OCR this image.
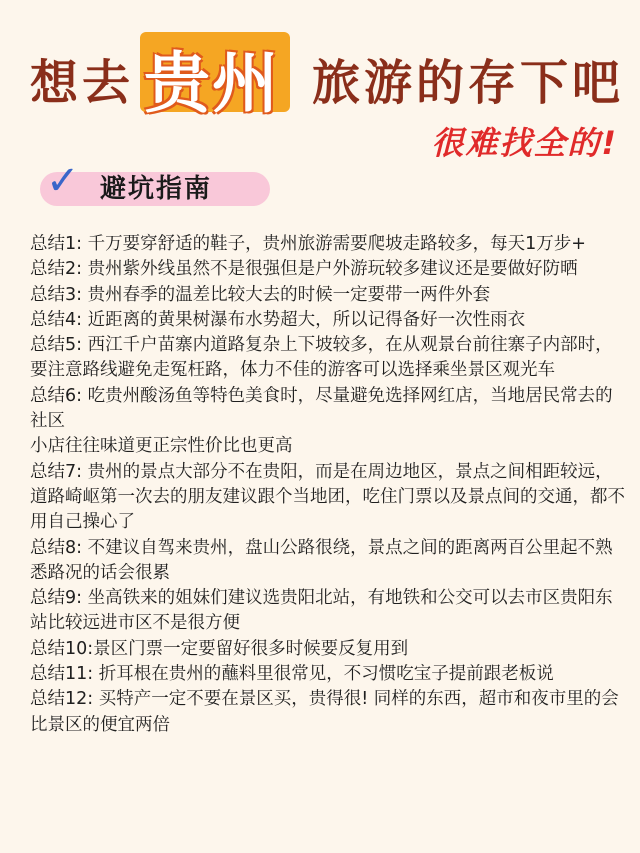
想去 贵州 旅游的存下吧
很难找全的!
✓ 避坑指南

总结1: 千万要穿舒适的鞋子，贵州旅游需要爬坡走路较多，每天1万步+

总结2: 贵州紫外线虽然不是很强但是户外游玩较多建议还是要做好防晒

总结3: 贵州春季的温差比较大去的时候一定要带一两件外套

总结4: 近距离的黄果树瀑布水势超大，所以记得备好一次性雨衣

总结5: 西江千户苗寨内道路复杂上下坡较多，在从观景台前往寨子内部时，要注意路线避免走冤枉路，体力不佳的游客可以选择乘坐景区观光车

总结6: 吃贵州酸汤鱼等特色美食时，尽量避免选择网红店，当地居民常去的社区

小店往往味道更正宗性价比也更高

总结7: 贵州的景点大部分不在贵阳，而是在周边地区，景点之间相距较远，道路崎岖第一次去的朋友建议跟个当地团，吃住门票以及景点间的交通，都不用自己操心了

总结8: 不建议自驾来贵州，盘山公路很绕，景点之间的距离两百公里起不熟悉路况的话会很累

总结9: 坐高铁来的姐妹们建议选贵阳北站，有地铁和公交可以去市区贵阳东站比较远进市区不是很方便

总结10:景区门票一定要留好很多时候要反复用到

总结11: 折耳根在贵州的蘸料里很常见，不习惯吃宝子提前跟老板说

总结12: 买特产一定不要在景区买，贵得很! 同样的东西，超市和夜市里的会比景区的便宜两倍
